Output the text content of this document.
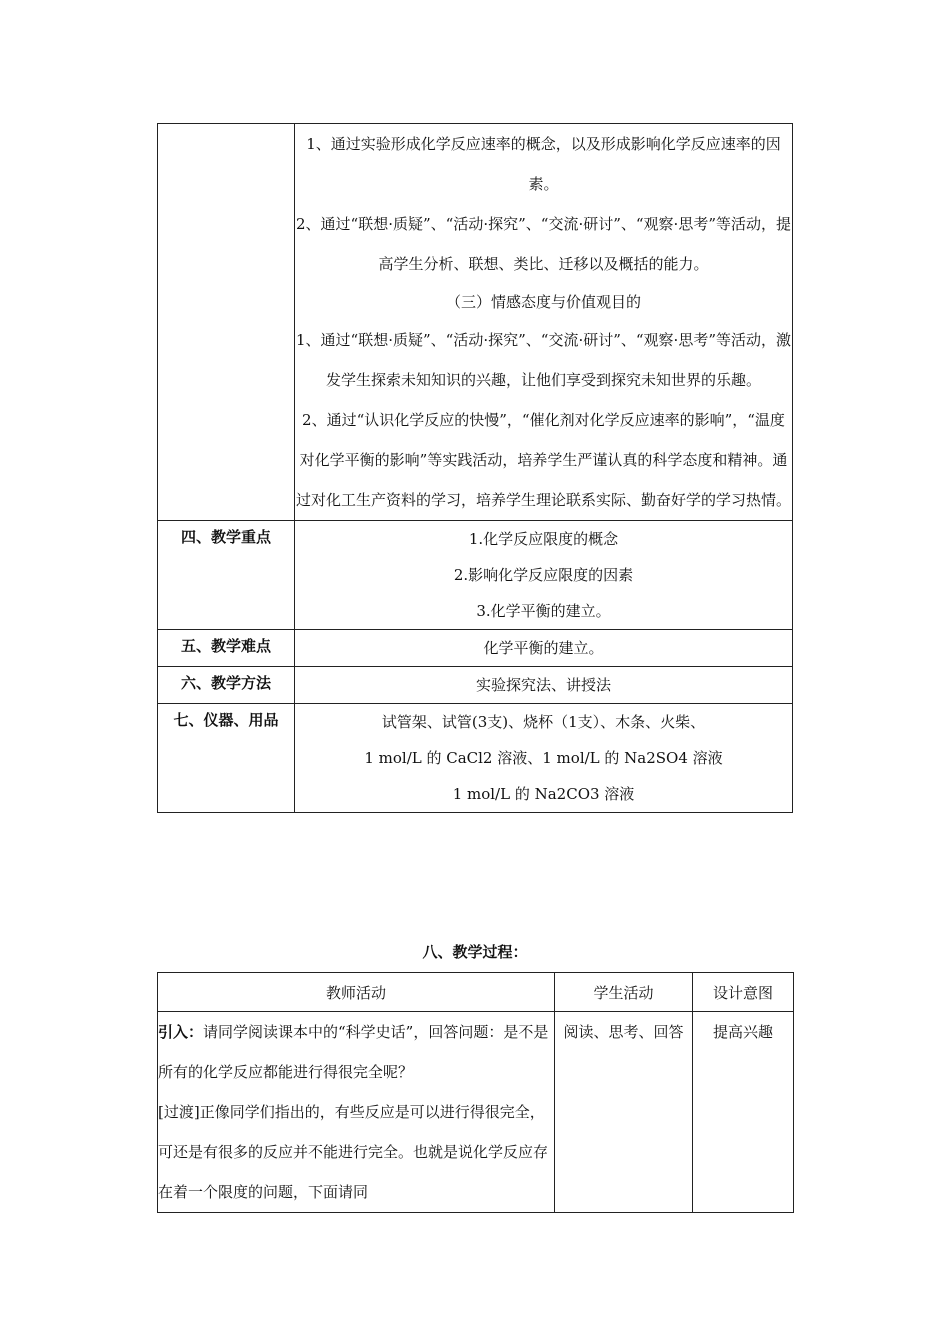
	1、通过实验形成化学反应速率的概念，以及形成影响化学反应速率的因素。

2、通过“联想·质疑”、“活动·探究”、“交流·研讨”、“观察·思考”等活动，提高学生分析、联想、类比、迁移以及概括的能力。

（三）情感态度与价值观目的

1、通过“联想·质疑”、“活动·探究”、“交流·研讨”、“观察·思考”等活动，激发学生探索未知知识的兴趣，让他们享受到探究未知世界的乐趣。

2、通过“认识化学反应的快慢”，“催化剂对化学反应速率的影响”，“温度对化学平衡的影响”等实践活动，培养学生严谨认真的科学态度和精神。通过对化工生产资料的学习，培养学生理论联系实际、勤奋好学的学习热情。

四、教学重点	1.化学反应限度的概念

2.影响化学反应限度的因素

3.化学平衡的建立。

五、教学难点	化学平衡的建立。
六、教学方法	实验探究法、讲授法
七、仪器、用品	试管架、试管(3支)、烧杯（1支）、木条、火柴、

1 mol/L 的 CaCl2 溶液、1 mol/L 的 Na2SO4 溶液

1 mol/L 的 Na2CO3 溶液

八、教学过程：
教师活动	学生活动	设计意图

引入：请同学阅读课本中的“科学史话”，回答问题：是不是所有的化学反应都能进行得很完全呢？
[过渡]正像同学们指出的，有些反应是可以进行得很完全，可还是有很多的反应并不能进行完全。也就是说化学反应存在着一个限度的问题，下面请同	阅读、思考、回答	提高兴趣
